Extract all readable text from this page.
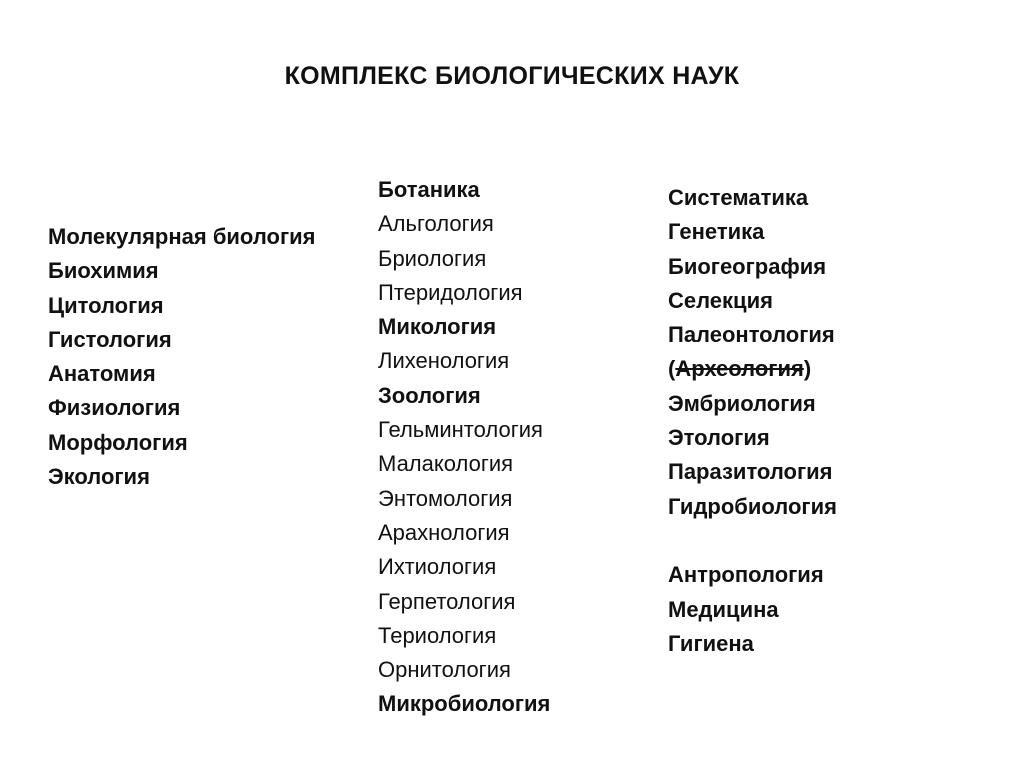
КОМПЛЕКС БИОЛОГИЧЕСКИХ НАУК
Молекулярная биология
Биохимия
Цитология
Гистология
Анатомия
Физиология
Морфология
Экология
Ботаника
Альгология
Бриология
Птеридология
Микология
Лихенология
Зоология
Гельминтология
Малакология
Энтомология
Арахнология
Ихтиология
Герпетология
Териология
Орнитология
Микробиология
Систематика
Генетика
Биогеография
Селекция
Палеонтология
(Археология)
Эмбриология
Этология
Паразитология
Гидробиология
Антропология
Медицина
Гигиена
